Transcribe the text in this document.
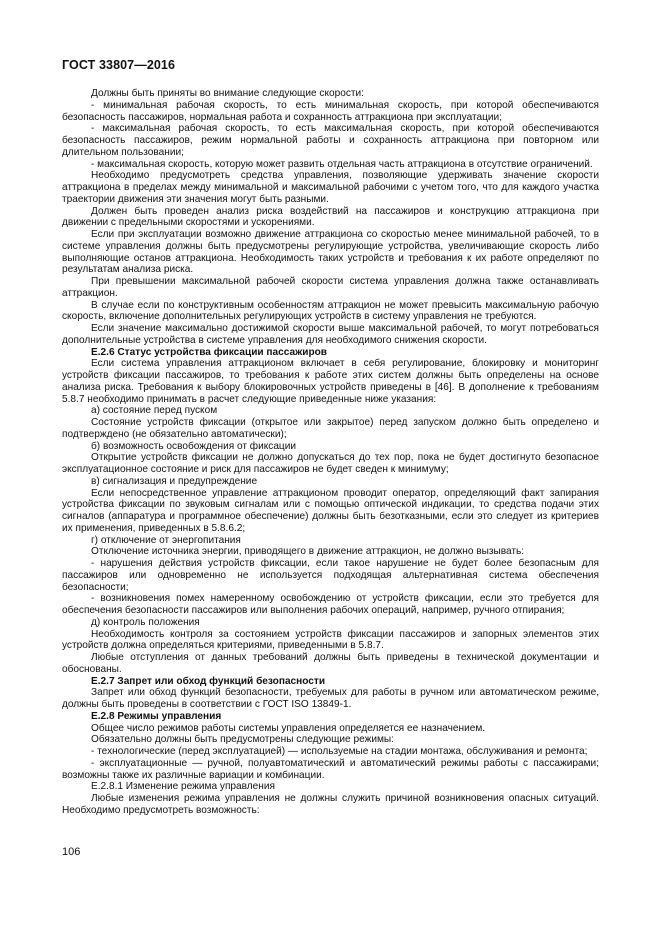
ГОСТ 33807—2016

Должны быть приняты во внимание следующие скорости:

- минимальная рабочая скорость, то есть минимальная скорость, при которой обеспечиваются безопасность пассажиров, нормальная работа и сохранность аттракциона при эксплуатации;

- максимальная рабочая скорость, то есть максимальная скорость, при которой обеспечиваются безопасность пассажиров, режим нормальной работы и сохранность аттракциона при повторном или длительном пользовании;

- максимальная скорость, которую может развить отдельная часть аттракциона в отсутствие ограничений.

Необходимо предусмотреть средства управления, позволяющие удерживать значение скорости аттракциона в пределах между минимальной и максимальной рабочими с учетом того, что для каждого участка траектории движения эти значения могут быть разными.

Должен быть проведен анализ риска воздействий на пассажиров и конструкцию аттракциона при движении с предельными скоростями и ускорениями.

Если при эксплуатации возможно движение аттракциона со скоростью менее минимальной рабочей, то в системе управления должны быть предусмотрены регулирующие устройства, увеличивающие скорость либо выполняющие останов аттракциона. Необходимость таких устройств и требования к их работе определяют по результатам анализа риска.

При превышении максимальной рабочей скорости система управления должна также останавливать аттракцион.

В случае если по конструктивным особенностям аттракцион не может превысить максимальную рабочую скорость, включение дополнительных регулирующих устройств в систему управления не требуются.

Если значение максимально достижимой скорости выше максимальной рабочей, то могут потребоваться дополнительные устройства в системе управления для необходимого снижения скорости.

Е.2.6 Статус устройства фиксации пассажиров

Если система управления аттракционом включает в себя регулирование, блокировку и мониторинг устройств фиксации пассажиров, то требования к работе этих систем должны быть определены на основе анализа риска. Требования к выбору блокировочных устройств приведены в [46]. В дополнение к требованиям 5.8.7 необходимо принимать в расчет следующие приведенные ниже указания:

а) состояние перед пуском

Состояние устройств фиксации (открытое или закрытое) перед запуском должно быть определено и подтверждено (не обязательно автоматически);

б) возможность освобождения от фиксации

Открытие устройств фиксации не должно допускаться до тех пор, пока не будет достигнуто безопасное эксплуатационное состояние и риск для пассажиров не будет сведен к минимуму;

в) сигнализация и предупреждение

Если непосредственное управление аттракционом проводит оператор, определяющий факт запирания устройства фиксации по звуковым сигналам или с помощью оптической индикации, то средства подачи этих сигналов (аппаратура и программное обеспечение) должны быть безотказными, если это следует из критериев их применения, приведенных в 5.8.6.2;

г) отключение от энергопитания

Отключение источника энергии, приводящего в движение аттракцион, не должно вызывать:

- нарушения действия устройств фиксации, если такое нарушение не будет более безопасным для пассажиров или одновременно не используется подходящая альтернативная система обеспечения безопасности;

- возникновения помех намеренному освобождению от устройств фиксации, если это требуется для обеспечения безопасности пассажиров или выполнения рабочих операций, например, ручного отпирания;

д) контроль положения

Необходимость контроля за состоянием устройств фиксации пассажиров и запорных элементов этих устройств должна определяться критериями, приведенными в 5.8.7.

Любые отступления от данных требований должны быть приведены в технической документации и обоснованы.

Е.2.7 Запрет или обход функций безопасности

Запрет или обход функций безопасности, требуемых для работы в ручном или автоматическом режиме, должны быть проведены в соответствии с ГОСТ ISO 13849-1.

Е.2.8 Режимы управления

Общее число режимов работы системы управления определяется ее назначением.

Обязательно должны быть предусмотрены следующие режимы:

- технологические (перед эксплуатацией) — используемые на стадии монтажа, обслуживания и ремонта;

- эксплуатационные — ручной, полуавтоматический и автоматический режимы работы с пассажирами; возможны также их различные вариации и комбинации.

Е.2.8.1 Изменение режима управления

Любые изменения режима управления не должны служить причиной возникновения опасных ситуаций. Необходимо предусмотреть возможность:

106
